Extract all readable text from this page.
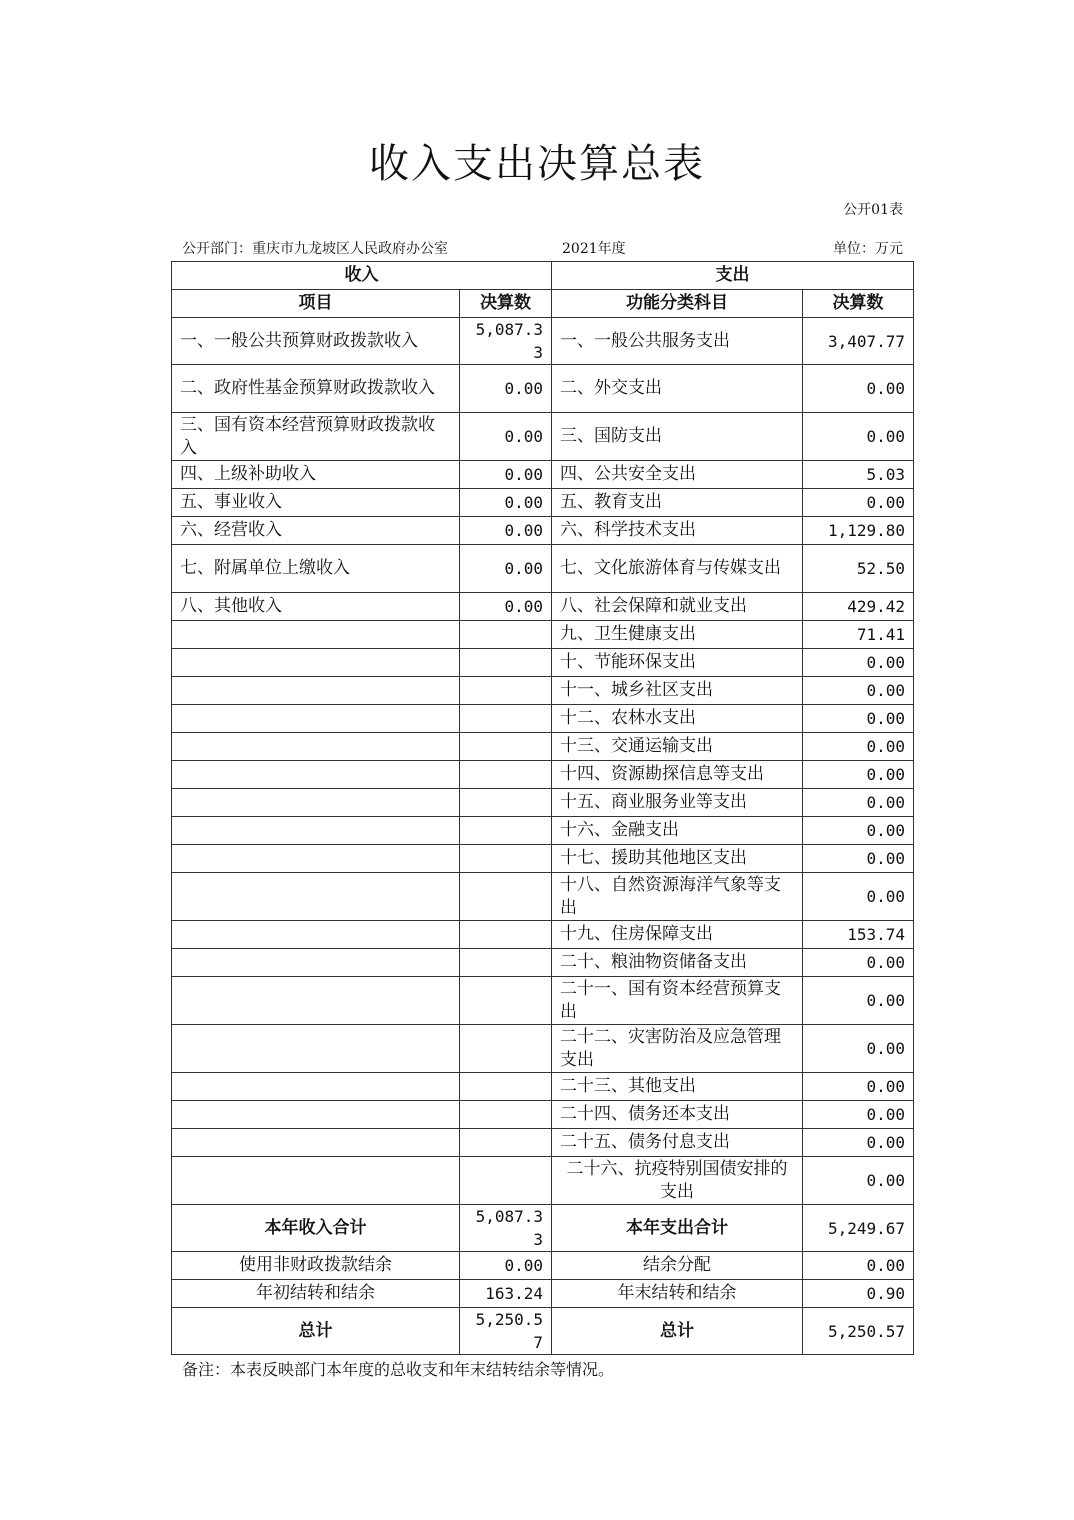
收入支出决算总表
公开01表
公开部门：重庆市九龙坡区人民政府办公室	2021年度	单位：万元
收入		支出	
项目	决算数	功能分类科目	决算数
一、一般公共预算财政拨款收入	5,087.33	一、一般公共服务支出	3,407.77
二、政府性基金预算财政拨款收入	0.00	二、外交支出	0.00
三、国有资本经营预算财政拨款收入	0.00	三、国防支出	0.00
四、上级补助收入	0.00	四、公共安全支出	5.03
五、事业收入	0.00	五、教育支出	0.00
六、经营收入	0.00	六、科学技术支出	1,129.80
七、附属单位上缴收入	0.00	七、文化旅游体育与传媒支出	52.50
八、其他收入	0.00	八、社会保障和就业支出	429.42
		九、卫生健康支出	71.41
		十、节能环保支出	0.00
		十一、城乡社区支出	0.00
		十二、农林水支出	0.00
		十三、交通运输支出	0.00
		十四、资源勘探信息等支出	0.00
		十五、商业服务业等支出	0.00
		十六、金融支出	0.00
		十七、援助其他地区支出	0.00
		十八、自然资源海洋气象等支出	0.00
		十九、住房保障支出	153.74
		二十、粮油物资储备支出	0.00
		二十一、国有资本经营预算支出	0.00
		二十二、灾害防治及应急管理支出	0.00
		二十三、其他支出	0.00
		二十四、债务还本支出	0.00
		二十五、债务付息支出	0.00
		二十六、抗疫特别国债安排的支出	0.00
本年收入合计	5,087.33	本年支出合计	5,249.67
使用非财政拨款结余	0.00	结余分配	0.00
年初结转和结余	163.24	年末结转和结余	0.90
总计	5,250.57	总计	5,250.57
备注：本表反映部门本年度的总收支和年末结转结余等情况。
